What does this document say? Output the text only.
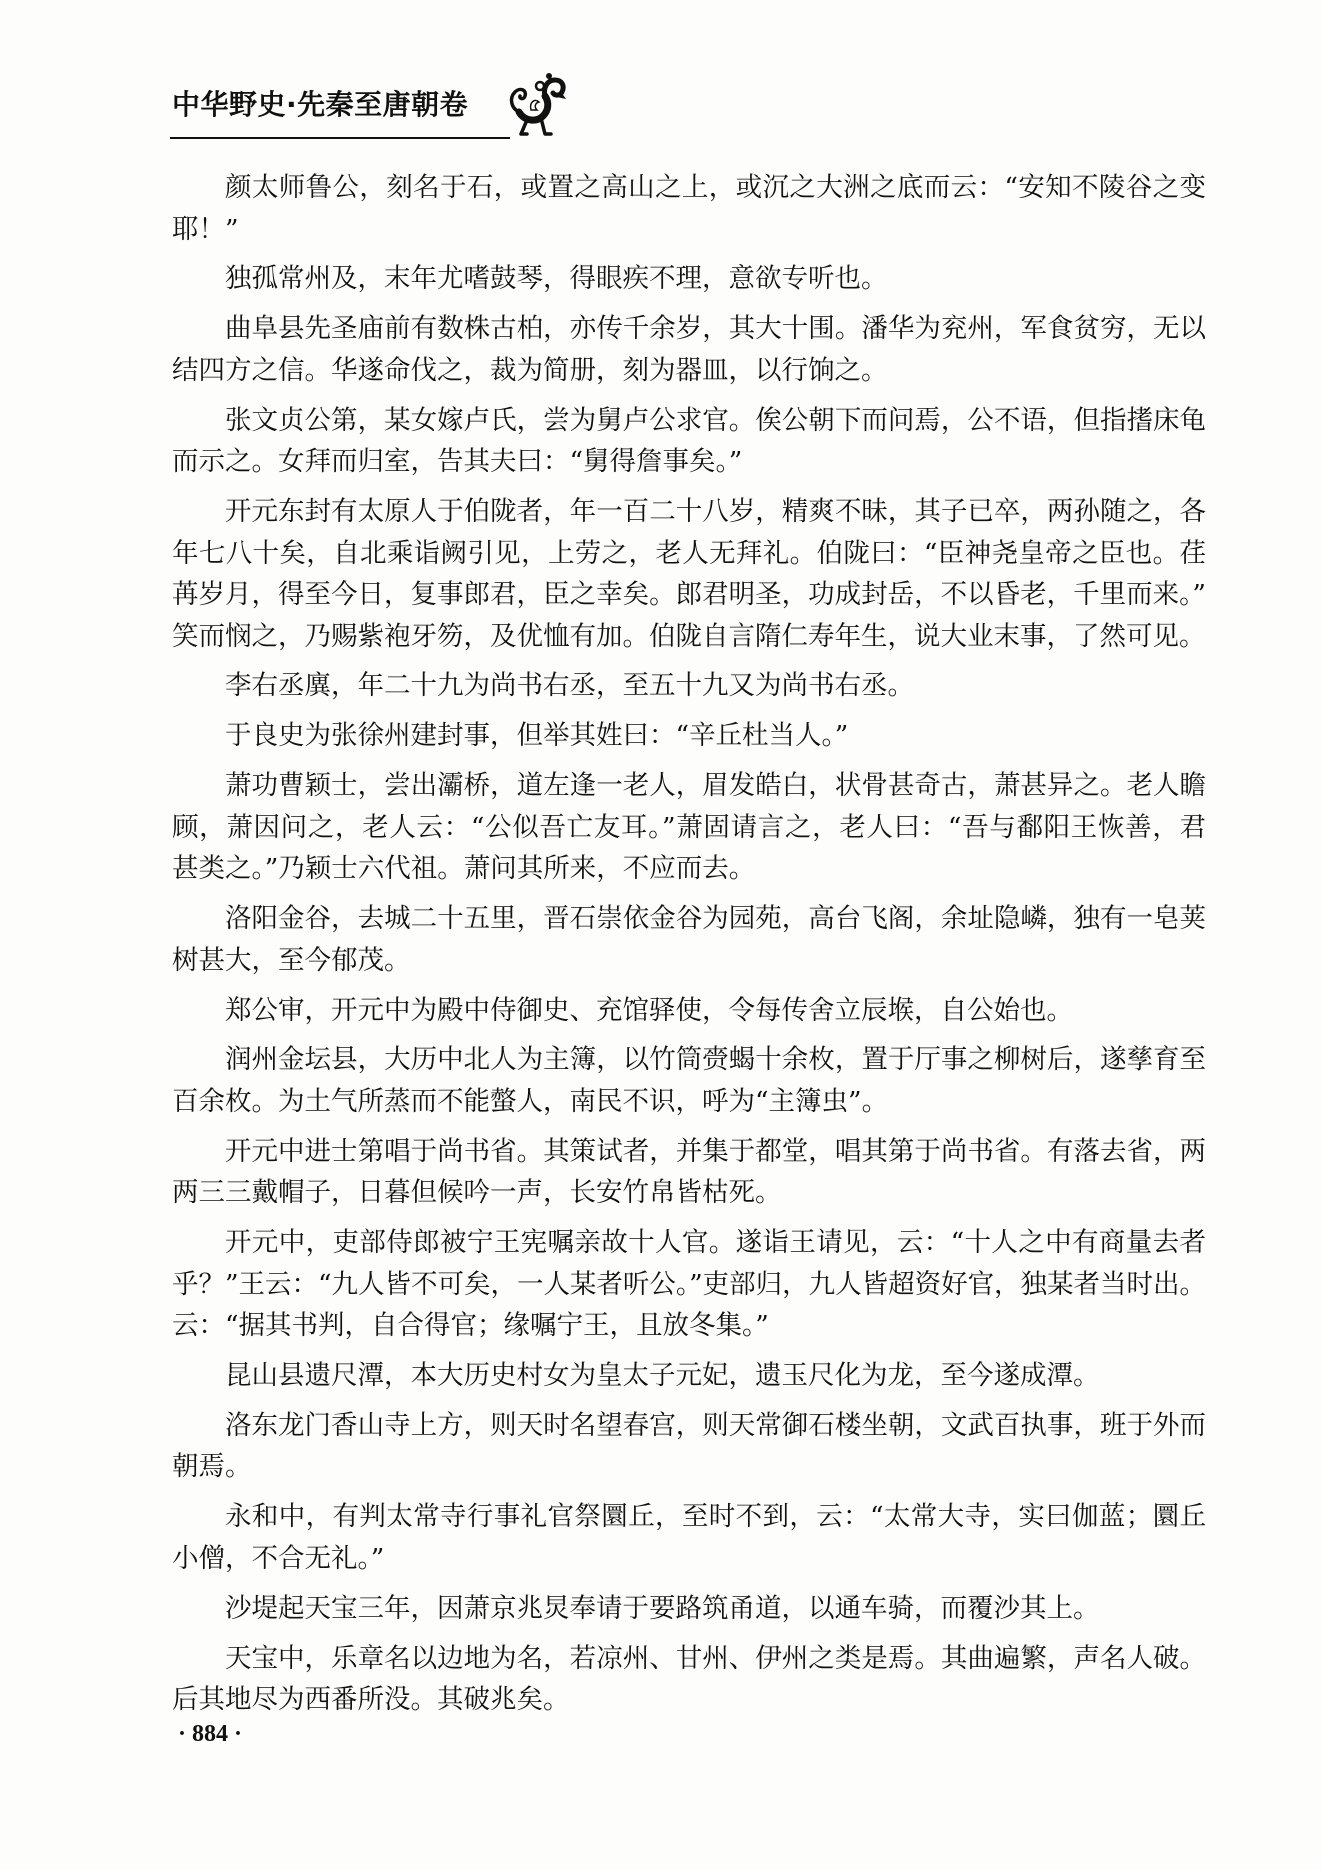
中华野史·先秦至唐朝卷
颜太师鲁公，刻名于石，或置之高山之上，或沉之大洲之底而云：“安知不陵谷之变
耶！”
独孤常州及，末年尤嗜鼓琴，得眼疾不理，意欲专听也。
曲阜县先圣庙前有数株古柏，亦传千余岁，其大十围。潘华为兖州，军食贫穷，无以
结四方之信。华遂命伐之，裁为简册，刻为器皿，以行饷之。
张文贞公第，某女嫁卢氏，尝为舅卢公求官。俟公朝下而问焉，公不语，但指搘床龟
而示之。女拜而归室，告其夫曰：“舅得詹事矣。”
开元东封有太原人于伯陇者，年一百二十八岁，精爽不昧，其子已卒，两孙随之，各
年七八十矣，自北乘诣阙引见，上劳之，老人无拜礼。伯陇曰：“臣神尧皇帝之臣也。荏
苒岁月，得至今日，复事郎君，臣之幸矣。郎君明圣，功成封岳，不以昏老，千里而来。”
笑而悯之，乃赐紫袍牙笏，及优恤有加。伯陇自言隋仁寿年生，说大业末事，了然可见。
李右丞廙，年二十九为尚书右丞，至五十九又为尚书右丞。
于良史为张徐州建封事，但举其姓曰：“辛丘杜当人。”
萧功曹颖士，尝出灞桥，道左逢一老人，眉发皓白，状骨甚奇古，萧甚异之。老人瞻
顾，萧因问之，老人云：“公似吾亡友耳。”萧固请言之，老人曰：“吾与鄱阳王恢善，君
甚类之。”乃颖士六代祖。萧问其所来，不应而去。
洛阳金谷，去城二十五里，晋石崇依金谷为园苑，高台飞阁，余址隐嶙，独有一皂荚
树甚大，至今郁茂。
郑公审，开元中为殿中侍御史、充馆驿使，令每传舍立辰堠，自公始也。
润州金坛县，大历中北人为主簿，以竹筒赍蝎十余枚，置于厅事之柳树后，遂孳育至
百余枚。为土气所蒸而不能螫人，南民不识，呼为“主簿虫”。
开元中进士第唱于尚书省。其策试者，并集于都堂，唱其第于尚书省。有落去省，两
两三三戴帽子，日暮但候吟一声，长安竹帛皆枯死。
开元中，吏部侍郎被宁王宪嘱亲故十人官。遂诣王请见，云：“十人之中有商量去者
乎？”王云：“九人皆不可矣，一人某者听公。”吏部归，九人皆超资好官，独某者当时出。
云：“据其书判，自合得官；缘嘱宁王，且放冬集。”
昆山县遗尺潭，本大历史村女为皇太子元妃，遗玉尺化为龙，至今遂成潭。
洛东龙门香山寺上方，则天时名望春宫，则天常御石楼坐朝，文武百执事，班于外而
朝焉。
永和中，有判太常寺行事礼官祭圜丘，至时不到，云：“太常大寺，实曰伽蓝；圜丘
小僧，不合无礼。”
沙堤起天宝三年，因萧京兆炅奉请于要路筑甬道，以通车骑，而覆沙其上。
天宝中，乐章名以边地为名，若凉州、甘州、伊州之类是焉。其曲遍繁，声名人破。
后其地尽为西番所没。其破兆矣。
· 884 ·
